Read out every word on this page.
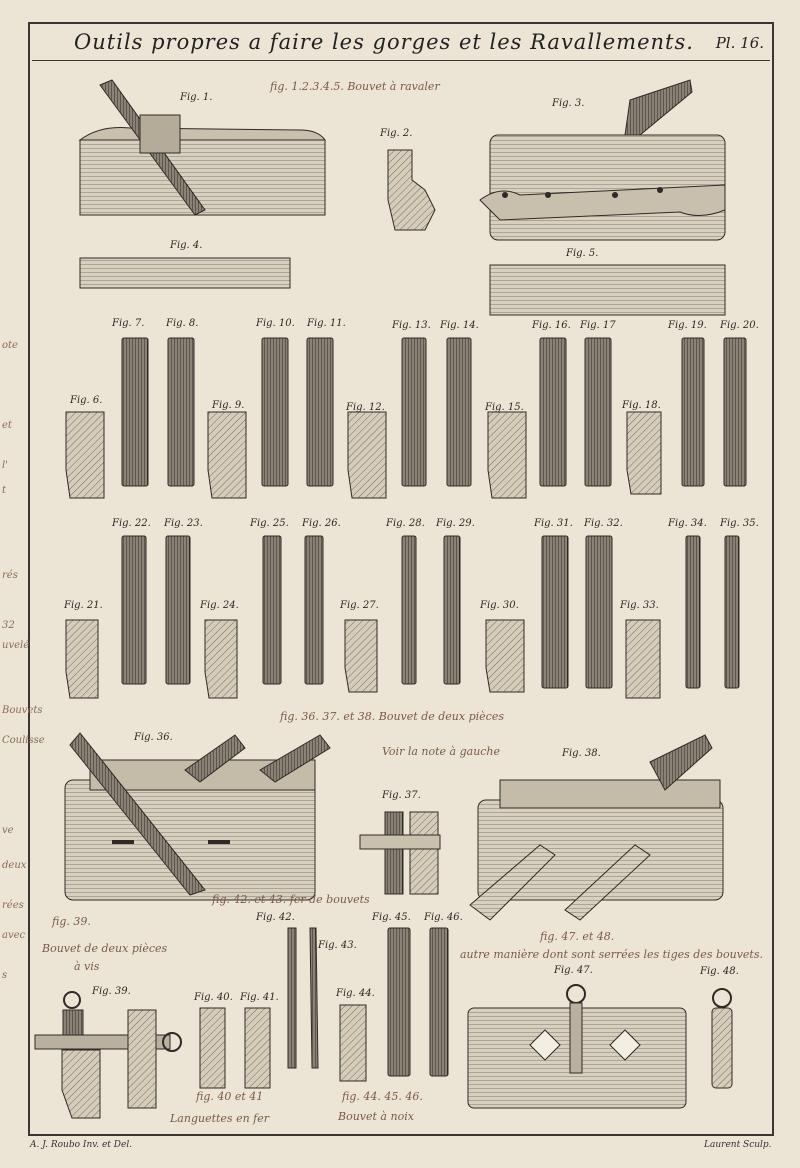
Outils propres a faire les gorges et les Ravallements.	Pl. 16.
ote
et
l'
t
rés
32
uvelé
Bouvets
Coulisse
ve
deux
rées
avec
s
Fig. 1.
Fig. 2.
Fig. 3.
Fig. 4.
Fig. 5.
Fig. 6.
Fig. 7. Fig. 8.
Fig. 9.
Fig. 10. Fig. 11.
Fig. 12.
Fig. 13. Fig. 14.
Fig. 15.
Fig. 16. Fig. 17
Fig. 18.
Fig. 19. Fig. 20.
Fig. 21.
Fig. 22. Fig. 23.
Fig. 24.
Fig. 25. Fig. 26.
Fig. 27.
Fig. 28. Fig. 29.
Fig. 30.
Fig. 31. Fig. 32.
Fig. 33.
Fig. 34. Fig. 35.
Fig. 36.
Fig. 37.
Fig. 38.
Fig. 39.
Fig. 40. Fig. 41.
Fig. 42.
Fig. 43.
Fig. 44.
Fig. 45. Fig. 46.
Fig. 47.	Fig. 48.
fig. 1.2.3.4.5. Bouvet à ravaler
fig. 36. 37. et 38. Bouvet de deux pièces
Voir la note à gauche
fig. 42. et 43. fer de bouvets
fig. 39.
Bouvet de deux pièces
à vis
fig. 47. et 48.
autre manière dont sont serrées les tiges des bouvets.
fig. 40 et 41
Languettes en fer
fig. 44. 45. 46.
Bouvet à noix
A. J. Roubo Inv. et Del.	Laurent Sculp.
